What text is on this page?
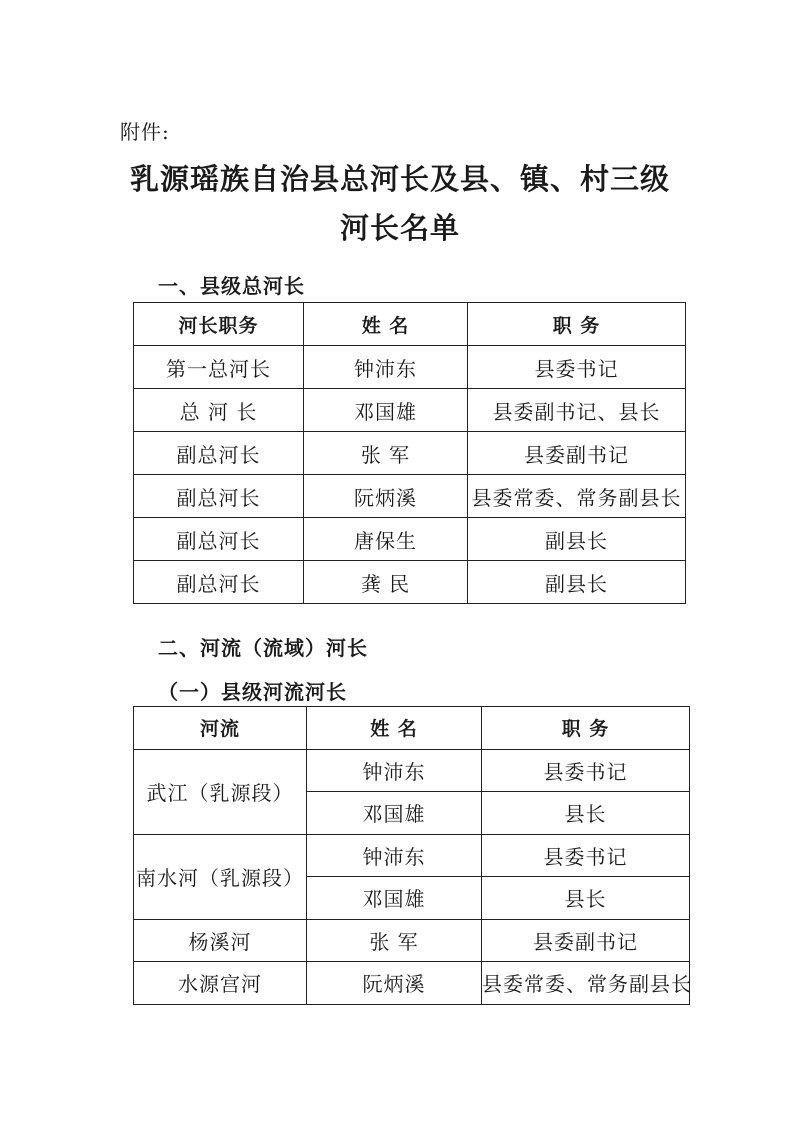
附件:
乳源瑶族自治县总河长及县、镇、村三级
河长名单
一、县级总河长
河长职务	姓 名	职 务
第一总河长	钟沛东	县委书记
总 河 长	邓国雄	县委副书记、县长
副总河长	张 军	县委副书记
副总河长	阮炳溪	县委常委、常务副县长
副总河长	唐保生	副县长
副总河长	龚 民	副县长
二、河流（流域）河长
（一）县级河流河长
河流	姓 名	职 务
武江（乳源段）	钟沛东	县委书记
	邓国雄	县长
南水河（乳源段）	钟沛东	县委书记
	邓国雄	县长
杨溪河	张 军	县委副书记
水源宫河	阮炳溪	县委常委、常务副县长
